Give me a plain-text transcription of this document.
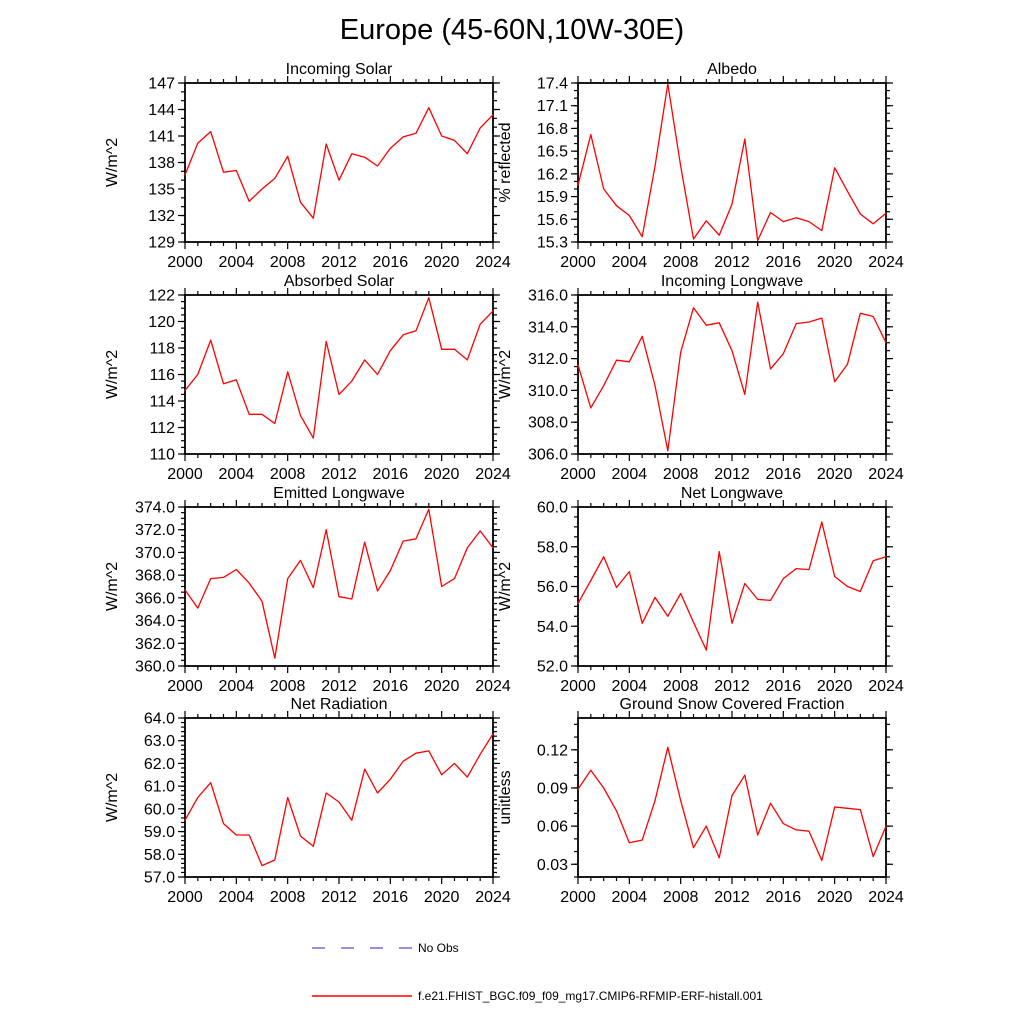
Europe (45-60N,10W-30E)
2000 2004 2008 2012 2016 2020 2024
129
132
135
138
141
144
147
Incoming Solar
W/m^2
2000 2004 2008 2012 2016 2020 2024
15.3
15.6
15.9
16.2
16.5
16.8
17.1
17.4
Albedo
% reflected
2000 2004 2008 2012 2016 2020 2024
110
112
114
116
118
120
122
Absorbed Solar
W/m^2
2000 2004 2008 2012 2016 2020 2024
306.0
308.0
310.0
312.0
314.0
316.0
Incoming Longwave
W/m^2
2000 2004 2008 2012 2016 2020 2024
360.0
362.0
364.0
366.0
368.0
370.0
372.0
374.0
Emitted Longwave
W/m^2
2000 2004 2008 2012 2016 2020 2024
52.0
54.0
56.0
58.0
60.0
Net Longwave
W/m^2
2000 2004 2008 2012 2016 2020 2024
57.0
58.0
59.0
60.0
61.0
62.0
63.0
64.0
Net Radiation
W/m^2
2000 2004 2008 2012 2016 2020 2024
0.03
0.06
0.09
0.12
Ground Snow Covered Fraction
unitless
No Obs
f.e21.FHIST_BGC.f09_f09_mg17.CMIP6-RFMIP-ERF-histall.001
